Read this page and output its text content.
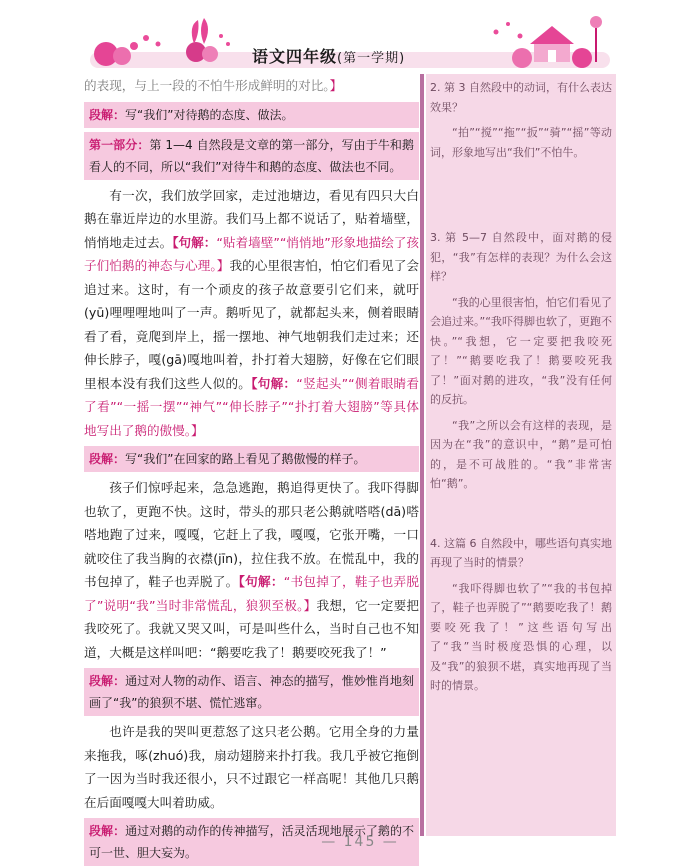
语文四年级(第一学期)

的表现，与上一段的不怕牛形成鲜明的对比。】

段解：写“我们”对待鹅的态度、做法。
第一部分：第 1—4 自然段是文章的第一部分，写由于牛和鹅看人的不同，所以“我们”对待牛和鹅的态度、做法也不同。

有一次，我们放学回家，走过池塘边，看见有四只大白鹅在靠近岸边的水里游。我们马上都不说话了，贴着墙壁，悄悄地走过去。【句解：“贴着墙壁”“悄悄地”形象地描绘了孩子们怕鹅的神态与心理。】我的心里很害怕，怕它们看见了会追过来。这时，有一个顽皮的孩子故意要引它们来，就吁(yū)哩哩哩地叫了一声。鹅听见了，就都起头来，侧着眼睛看了看，竟爬到岸上，摇一摆地、神气地朝我们走过来；还伸长脖子，嘎(gā)嘎地叫着，扑打着大翅膀，好像在它们眼里根本没有我们这些人似的。【句解：“竖起头”“侧着眼睛看了看”“一摇一摆”“神气”“伸长脖子”“扑打着大翅膀”等具体地写出了鹅的傲慢。】

段解：写“我们”在回家的路上看见了鹅傲慢的样子。

孩子们惊呼起来，急急逃跑，鹅追得更快了。我吓得脚也软了，更跑不快。这时，带头的那只老公鹅就嗒嗒(dā)嗒嗒地跑了过来，嘎嘎，它赶上了我，嘎嘎，它张开嘴，一口就咬住了我当胸的衣襟(jīn)，拉住我不放。在慌乱中，我的书包掉了，鞋子也弄脱了。【句解：“书包掉了，鞋子也弄脱了”说明“我”当时非常慌乱，狼狈至极。】我想，它一定要把我咬死了。我就又哭又叫，可是叫些什么，当时自己也不知道，大概是这样叫吧：“鹅要吃我了！鹅要咬死我了！”

段解：通过对人物的动作、语言、神态的描写，惟妙惟肖地刻画了“我”的狼狈不堪、慌忙逃窜。

也许是我的哭叫更惹怒了这只老公鹅。它用全身的力量来拖我，啄(zhuó)我，扇动翅膀来扑打我。我几乎被它拖倒了一因为当时我还很小，只不过跟它一样高呢！其他几只鹅在后面嘎嘎大叫着助威。

段解：通过对鹅的动作的传神描写，活灵活现地展示了鹅的不可一世、胆大妄为。

2. 第 3 自然段中的动词，有什么表达效果？

“拍”“搅”“拖”“扳”“骑”“摇”等动词，形象地写出“我们”不怕牛。

3. 第 5—7 自然段中，面对鹅的侵犯，“我”有怎样的表现？为什么会这样？

“我的心里很害怕，怕它们看见了会追过来。”“我吓得脚也软了，更跑不快。”“我想，它一定要把我咬死了！”“鹅要吃我了！鹅要咬死我了！”面对鹅的进攻，“我”没有任何的反抗。

“我”之所以会有这样的表现，是因为在“我”的意识中，“鹅”是可怕的，是不可战胜的。“我”非常害怕“鹅”。

4. 这篇 6 自然段中，哪些语句真实地再现了当时的情景？

“我吓得脚也软了”“我的书包掉了，鞋子也弄脱了”“鹅要吃我了！鹅要咬死我了！”这些语句写出了“我”当时极度恐惧的心理，以及“我”的狼狈不堪，真实地再现了当时的情景。

— 145 —
